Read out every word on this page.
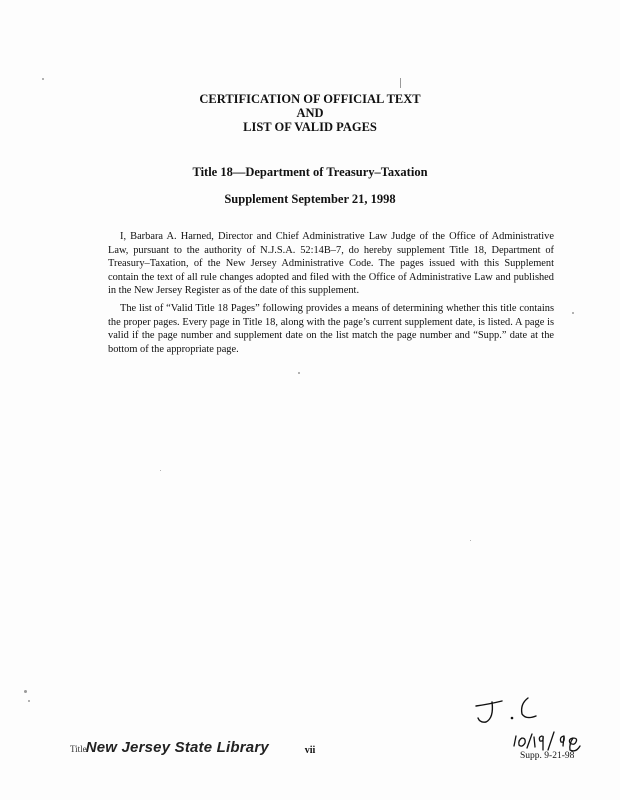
CERTIFICATION OF OFFICIAL TEXT
AND
LIST OF VALID PAGES
Title 18—Department of Treasury–Taxation
Supplement September 21, 1998

I, Barbara A. Harned, Director and Chief Administrative Law Judge of the Office of Administrative Law, pursuant to the authority of N.J.S.A. 52:14B–7, do hereby supplement Title 18, Department of Treasury–Taxation, of the New Jersey Administrative Code. The pages issued with this Supplement contain the text of all rule changes adopted and filed with the Office of Administrative Law and published in the New Jersey Register as of the date of this supplement.

The list of “Valid Title 18 Pages” following provides a means of determining whether this title contains the proper pages. Every page in Title 18, along with the page’s current supplement date, is listed. A page is valid if the page number and supplement date on the list match the page number and “Supp.” date at the bottom of the appropriate page.

TitleNew Jersey State Library	vii	Supp. 9-21-98
